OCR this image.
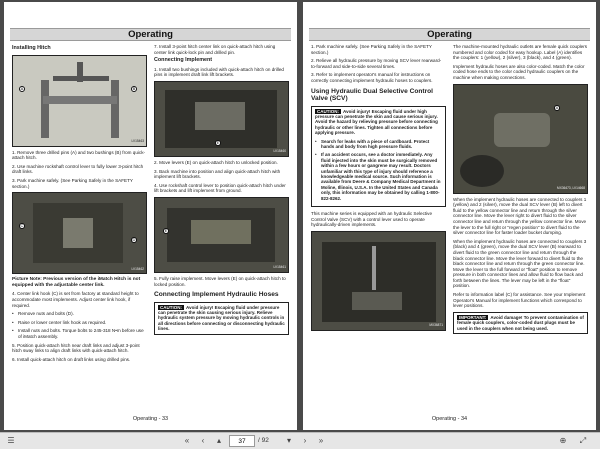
Operating
Installing Hitch
A	B
LV15463

1. Remove three drilled pins (A) and two bushings (B) from quick-attach hitch.

2. Use machine rockshaft control lever to fully lower 3-point hitch draft links.

3. Park machine safely. (See Parking Safely in the SAFETY section.)

C
D
LV15462

Picture Note: Previous version of the iMatch Hitch is not equipped with the adjustable center link.

4. Center link hook (C) is set from factory at standard height to accommodate most implements. Adjust center link hook, if required.

• Remove nuts and bolts (D).

• Raise or lower center link hook as required.

• Install nuts and bolts. Torque bolts to 245-318 N•m before use of iMatch assembly.

5. Position quick-attach hitch near draft links and adjust 3-point hitch sway links to align draft links with quick-attach hitch.

6. Install quick-attach hitch on draft links using drilled pins.

7. Install 3-point hitch center link on quick-attach hitch using center link quick-lock pin and drilled pin.

Connecting Implement

1. Install two bushings included with quick-attach hitch on drilled pins in implement draft link lift brackets.

E
LV15460

2. Move levers (E) on quick-attach hitch to unlocked position.

3. Back machine into position and align quick-attach hitch with implement lift brackets.

4. Use rockshaft control lever to position quick-attach hitch under lift brackets and lift implement from ground.

E
LV15461

5. Fully raise implement. Move levers (E) on quick-attach hitch to locked position.

Connecting Implement Hydraulic Hoses
CAUTION: Avoid injury! Escaping fluid under pressure can penetrate the skin causing serious injury. Relieve hydraulic system pressure by moving hydraulic controls in all directions before connecting or disconnecting hydraulic lines.
Operating - 33
Operating

1. Park machine safely. (See Parking Safely in the SAFETY section.)

2. Relieve all hydraulic pressure by moving SCV lever rearward-to-forward and side-to-side several times.

3. Refer to implement operator's manual for instructions on correctly connecting implement hydraulic hoses to couplers.

Using Hydraulic Dual Selective Control Valve (SCV)

CAUTION: Avoid injury! Escaping fluid under high pressure can penetrate the skin and cause serious injury. Avoid the hazard by relieving pressure before connecting hydraulic or other lines. Tighten all connections before applying pressure.

• Search for leaks with a piece of cardboard. Protect hands and body from high pressure fluids.

• If an accident occurs, see a doctor immediately. Any fluid injected into the skin must be surgically removed within a few hours or gangrene may result. Doctors unfamiliar with this type of injury should reference a knowledgeable medical source. Such information is available from Deere & Company Medical Department in Moline, Illinois, U.S.A. In the United States and Canada only, this information may be obtained by calling 1-800-822-8262.

This machine series is equipped with an hydraulic Selective Control Valve (SCV) with a control lever used to operate hydraulically-driven implements.

MX36871

The machine-mounted hydraulic outlets are female quick couplers numbered and color coded for easy hookup. Label (A) identifies the couplers: 1 (yellow), 2 (silver), 3 (black), and 4 (green).

Implement hydraulic hoses are also color-coded. Match the color coded hose ends to the color coded hydraulic couplers on the machine when making connections.

A
MX36473, LV14668

When the implement hydraulic hoses are connected to couplers 1 (yellow) and 2 (silver), move the dual SCV lever (B) left to divert fluid to the yellow connector line and return through the silver connector line. Move the lever right to divert fluid to the silver connector line and return through the yellow connector line. Move the lever to the full right or "regen position" to divert fluid to the silver connector line for faster loader bucket dumping.

When the implement hydraulic hoses are connected to couplers 3 (black) and 4 (green), move the dual SCV lever (B) rearward to divert fluid to the green connector line and return through the black connector line. Move the lever forward to divert fluid to the black connector line and return through the green connector line. Move the lever to the full forward or "float" position to remove pressure in both connector lines and allow fluid to flow back and forth between the lines. The lever may be left in the "float" position.

Refer to information label (C) for assistance. See your Implement Operator's Manual for implement functions which correspond to lever positions.

IMPORTANT: Avoid damage! To prevent contamination of female quick couplers, color-coded dust plugs must be used in the couplers when not being used.
Operating - 34
☰	«	‹	▴
37	/ 92	▾	›	»	⊕	⤢
